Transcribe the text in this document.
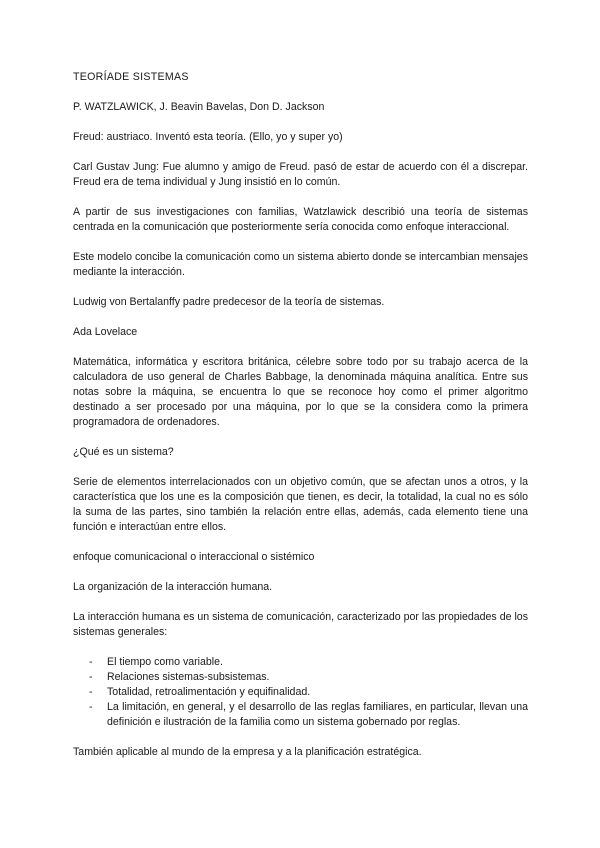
TEORÍADE SISTEMAS

P. WATZLAWICK, J. Beavin Bavelas, Don D. Jackson

Freud: austriaco. Inventó esta teoría. (Ello, yo y super yo)

Carl Gustav Jung: Fue alumno y amigo de Freud. pasó de estar de acuerdo con él a discrepar. Freud era de tema individual y Jung insistió en lo común.

A partir de sus investigaciones con familias, Watzlawick describió una teoría de sistemas centrada en la comunicación que posteriormente sería conocida como enfoque interaccional.

Este modelo concibe la comunicación como un sistema abierto donde se intercambian mensajes mediante la interacción.

Ludwig von Bertalanffy padre predecesor de la teoría de sistemas.

Ada Lovelace

Matemática, informática y escritora británica, célebre sobre todo por su trabajo acerca de la calculadora de uso general de Charles Babbage, la denominada máquina analítica. Entre sus notas sobre la máquina, se encuentra lo que se reconoce hoy como el primer algoritmo destinado a ser procesado por una máquina, por lo que se la considera como la primera programadora de ordenadores.

¿Qué es un sistema?

Serie de elementos interrelacionados con un objetivo común, que se afectan unos a otros, y la característica que los une es la composición que tienen, es decir, la totalidad, la cual no es sólo la suma de las partes, sino también la relación entre ellas, además, cada elemento tiene una función e interactúan entre ellos.

enfoque comunicacional o interaccional o sistémico

La organización de la interacción humana.

La interacción humana es un sistema de comunicación, caracterizado por las propiedades de los sistemas generales:

- El tiempo como variable.
- Relaciones sistemas-subsistemas.
- Totalidad, retroalimentación y equifinalidad.
- La limitación, en general, y el desarrollo de las reglas familiares, en particular, llevan una definición e ilustración de la familia como un sistema gobernado por reglas.

También aplicable al mundo de la empresa y a la planificación estratégica.
